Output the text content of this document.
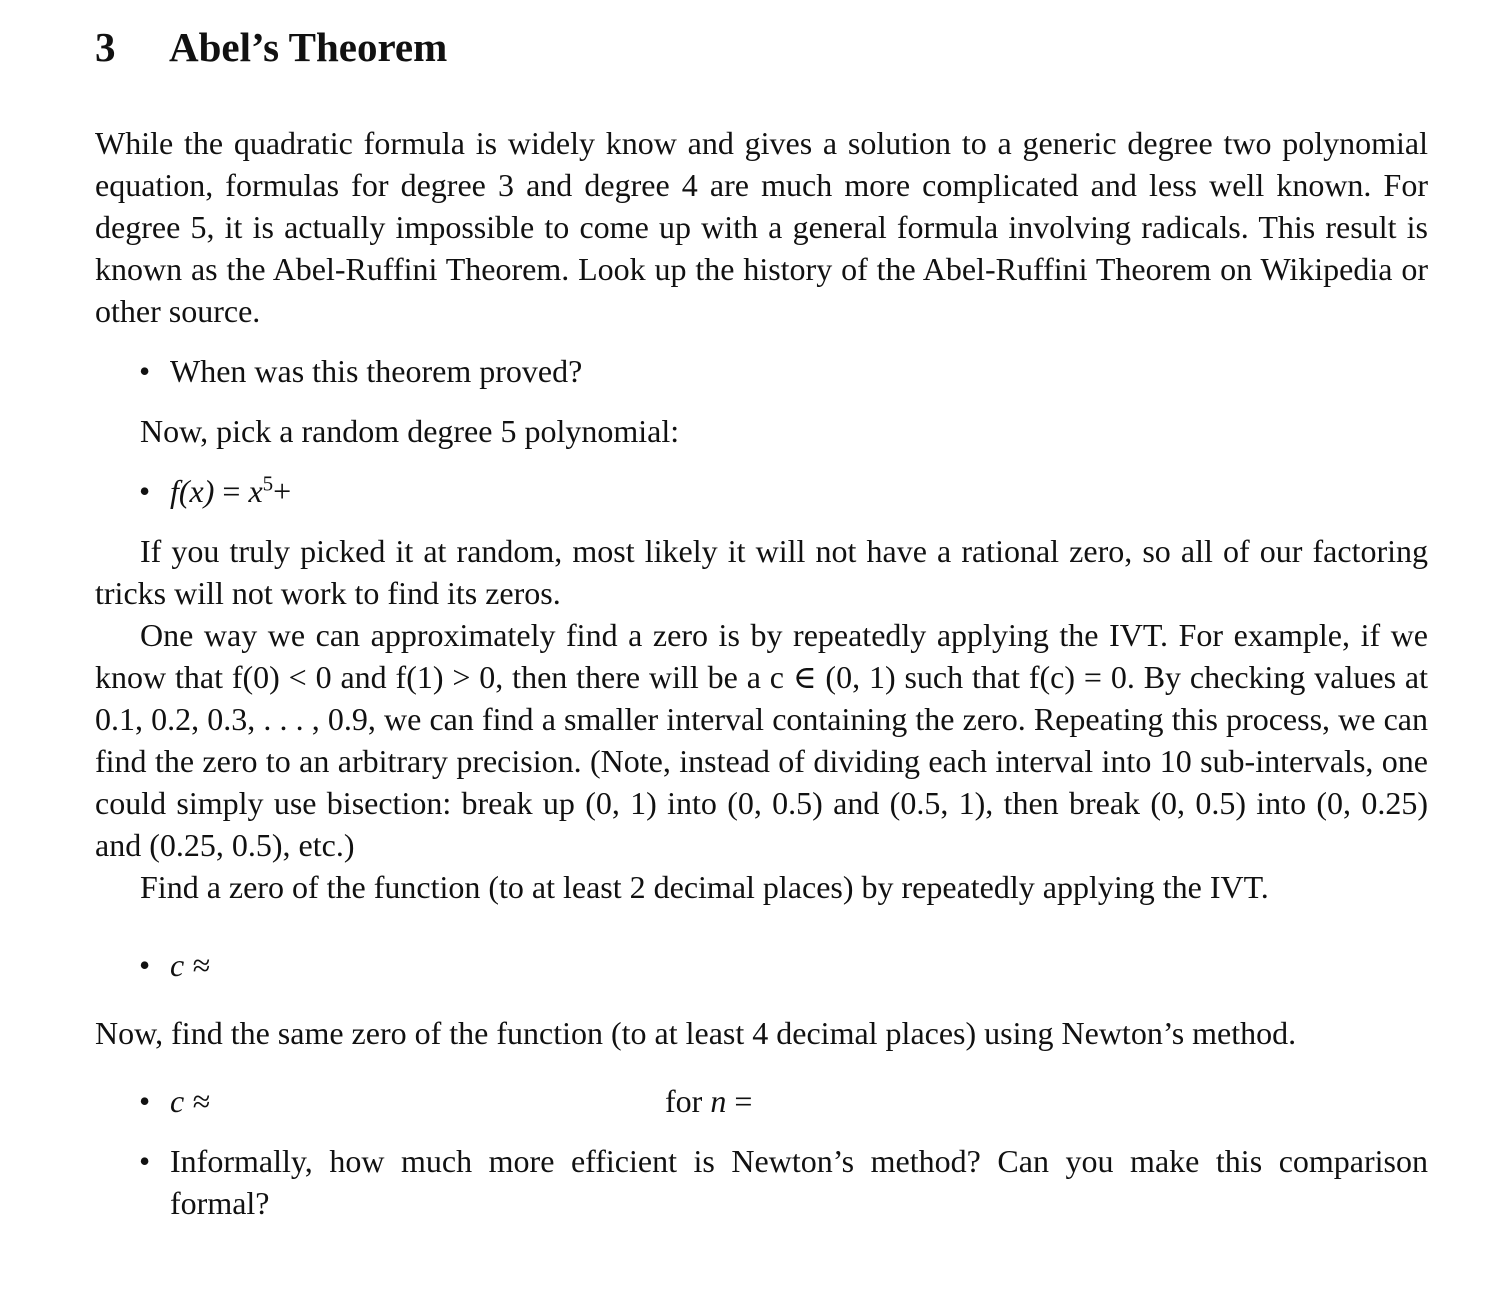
3 Abel’s Theorem

While the quadratic formula is widely know and gives a solution to a generic degree two polynomial equation, formulas for degree 3 and degree 4 are much more complicated and less well known. For degree 5, it is actually impossible to come up with a general formula involving radicals. This result is known as the Abel-Ruffini Theorem. Look up the history of the Abel-Ruffini Theorem on Wikipedia or other source.

• When was this theorem proved?

Now, pick a random degree 5 polynomial:

• $f(x) = x^5+$

If you truly picked it at random, most likely it will not have a rational zero, so all of our factoring tricks will not work to find its zeros.

One way we can approximately find a zero is by repeatedly applying the IVT. For example, if we know that f(0) < 0 and f(1) > 0, then there will be a c ∈ (0, 1) such that f(c) = 0. By checking values at 0.1, 0.2, 0.3, . . . , 0.9, we can find a smaller interval containing the zero. Repeating this process, we can find the zero to an arbitrary precision. (Note, instead of dividing each interval into 10 sub-intervals, one could simply use bisection: break up (0, 1) into (0, 0.5) and (0.5, 1), then break (0, 0.5) into (0, 0.25) and (0.25, 0.5), etc.)

Find a zero of the function (to at least 2 decimal places) by repeatedly applying the IVT.

• c ≈

Now, find the same zero of the function (to at least 4 decimal places) using Newton’s method.

• c ≈	for n =
• Informally, how much more efficient is Newton’s method? Can you make this comparison formal?
